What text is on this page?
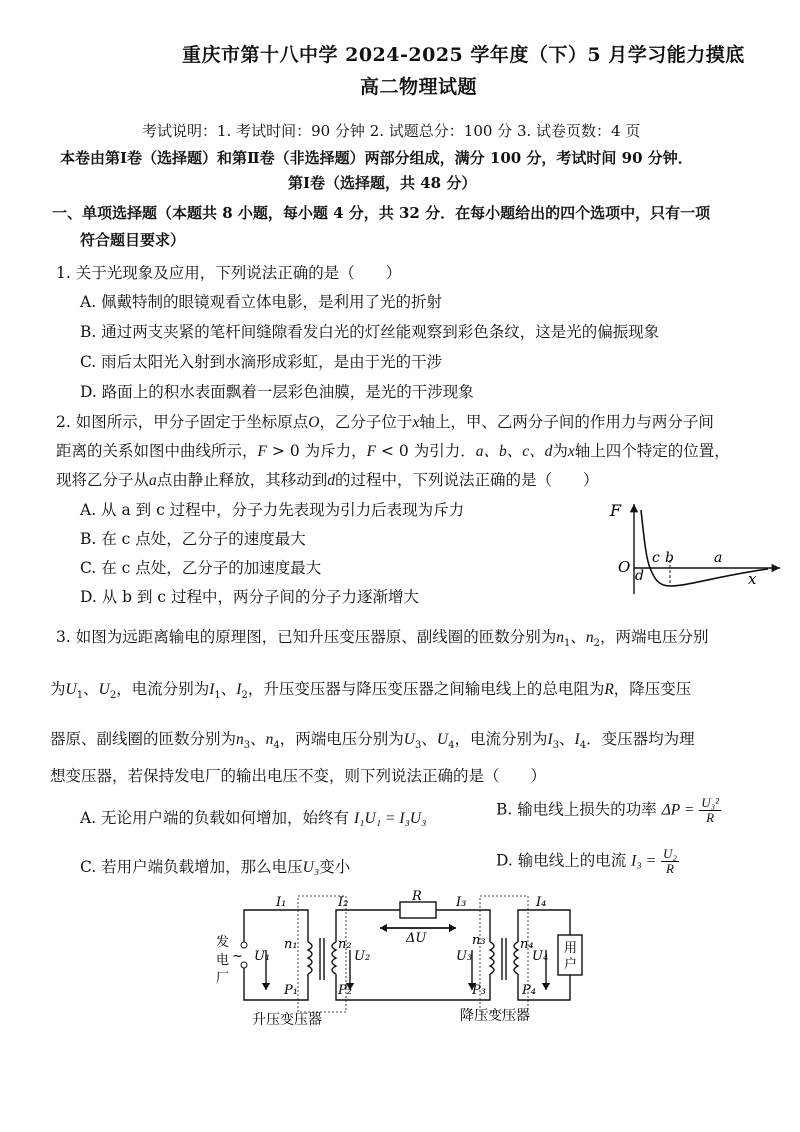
重庆市第十八中学 2024-2025 学年度（下）5 月学习能力摸底
高二物理试题
考试说明：1. 考试时间：90 分钟 2. 试题总分：100 分 3. 试卷页数：4 页
本卷由第Ⅰ卷（选择题）和第Ⅱ卷（非选择题）两部分组成，满分 100 分，考试时间 90 分钟．
第Ⅰ卷（选择题，共 48 分）
一、单项选择题（本题共 8 小题，每小题 4 分，共 32 分．在每小题给出的四个选项中，只有一项
符合题目要求）
1. 关于光现象及应用，下列说法正确的是（　　）
A. 佩戴特制的眼镜观看立体电影，是利用了光的折射
B. 通过两支夹紧的笔杆间缝隙看发白光的灯丝能观察到彩色条纹，这是光的偏振现象
C. 雨后太阳光入射到水滴形成彩虹，是由于光的干涉
D. 路面上的积水表面飘着一层彩色油膜，是光的干涉现象
2. 如图所示，甲分子固定于坐标原点O，乙分子位于x轴上，甲、乙两分子间的作用力与两分子间
距离的关系如图中曲线所示，F > 0 为斥力，F < 0 为引力．a、b、c、d为x轴上四个特定的位置，
现将乙分子从a点由静止释放，其移动到d的过程中，下列说法正确的是（　　）
A. 从 a 到 c 过程中，分子力先表现为引力后表现为斥力
B. 在 c 点处，乙分子的速度最大
C. 在 c 点处，乙分子的加速度最大
D. 从 b 到 c 过程中，两分子间的分子力逐渐增大
F
O
x
a
b
c
d
3. 如图为远距离输电的原理图，已知升压变压器原、副线圈的匝数分别为$n_1$、$n_2$，两端电压分别
为$U_1$、$U_2$，电流分别为$I_1$、$I_2$，升压变压器与降压变压器之间输电线上的总电阻为R，降压变压
器原、副线圈的匝数分别为$n_3$、$n_4$，两端电压分别为$U_3$、$U_4$，电流分别为$I_3$、$I_4$．变压器均为理
想变压器，若保持发电厂的输出电压不变，则下列说法正确的是（　　）
A. 无论用户端的负载如何增加，始终有 I₁U₁ = I₃U₃	B. 输电线上损失的功率 $\Delta P = \frac{\text{U₃²}}{R}$
C. 若用户端负载增加，那么电压U₃变小	D. 输电线上的电流 $I_3 = \frac{\text{U₂}}{R}$
发
电
厂
~
I₁	I₂	I₃	I₄
R
ΔU
U₁	U₂	U₃	U₄
n₁	n₂	n₃	n₄
P₁	P₂	P₃	P₄
用
户
升压变压器	降压变压器
